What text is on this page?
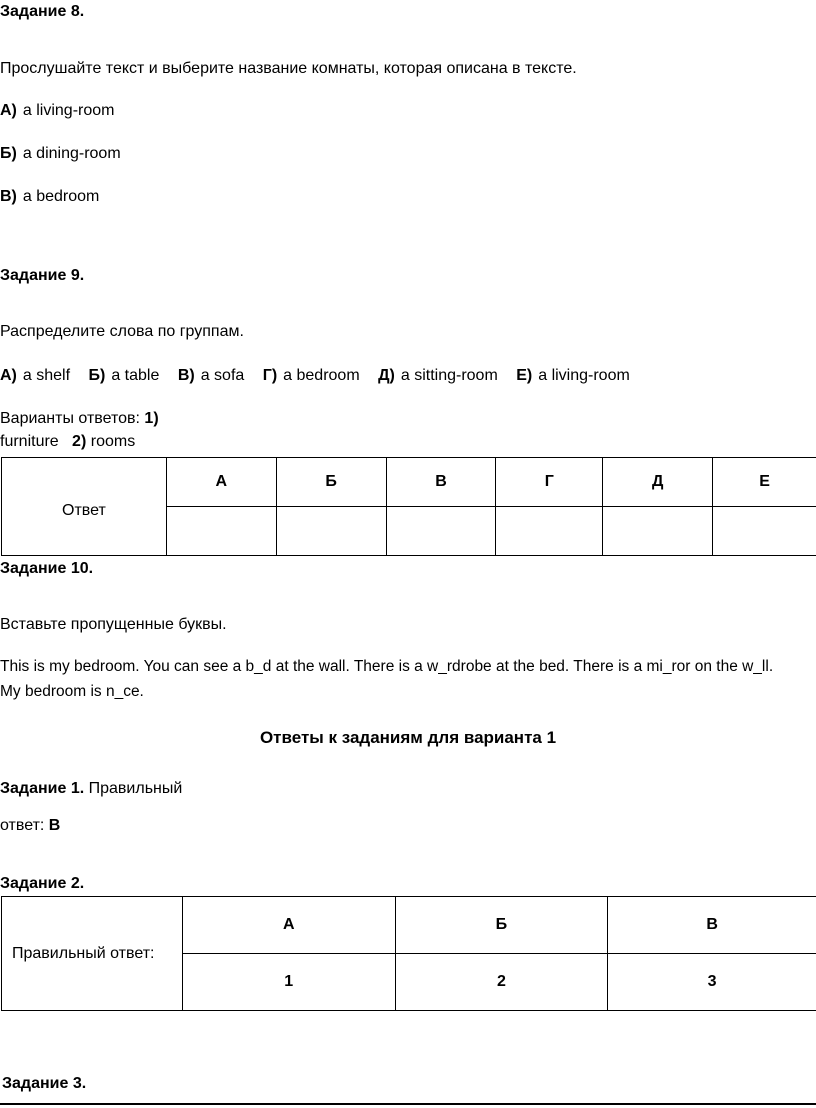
Задание 8.
Прослушайте текст и выберите название комнаты, которая описана в тексте.
А) a living-room
Б) a dining-room
В) a bedroom
Задание 9.
Распределите слова по группам.
А) a shelf Б) a table В) a sofa Г) a bedroom Д) a sitting-room Е) a living-room
Варианты ответов: 1)
furniture 2) rooms
Ответ	А	Б	В	Г	Д	Е

Задание 10.
Вставьте пропущенные буквы.
This is my bedroom. You can see a b_d at the wall. There is a w_rdrobe at the bed. There is a mi_ror on the w_ll.
My bedroom is n_ce.
Ответы к заданиям для варианта 1
Задание 1. Правильный
ответ: В
Задание 2.
Правильный ответ:	А	Б	В
	1	2	3
Задание 3.
